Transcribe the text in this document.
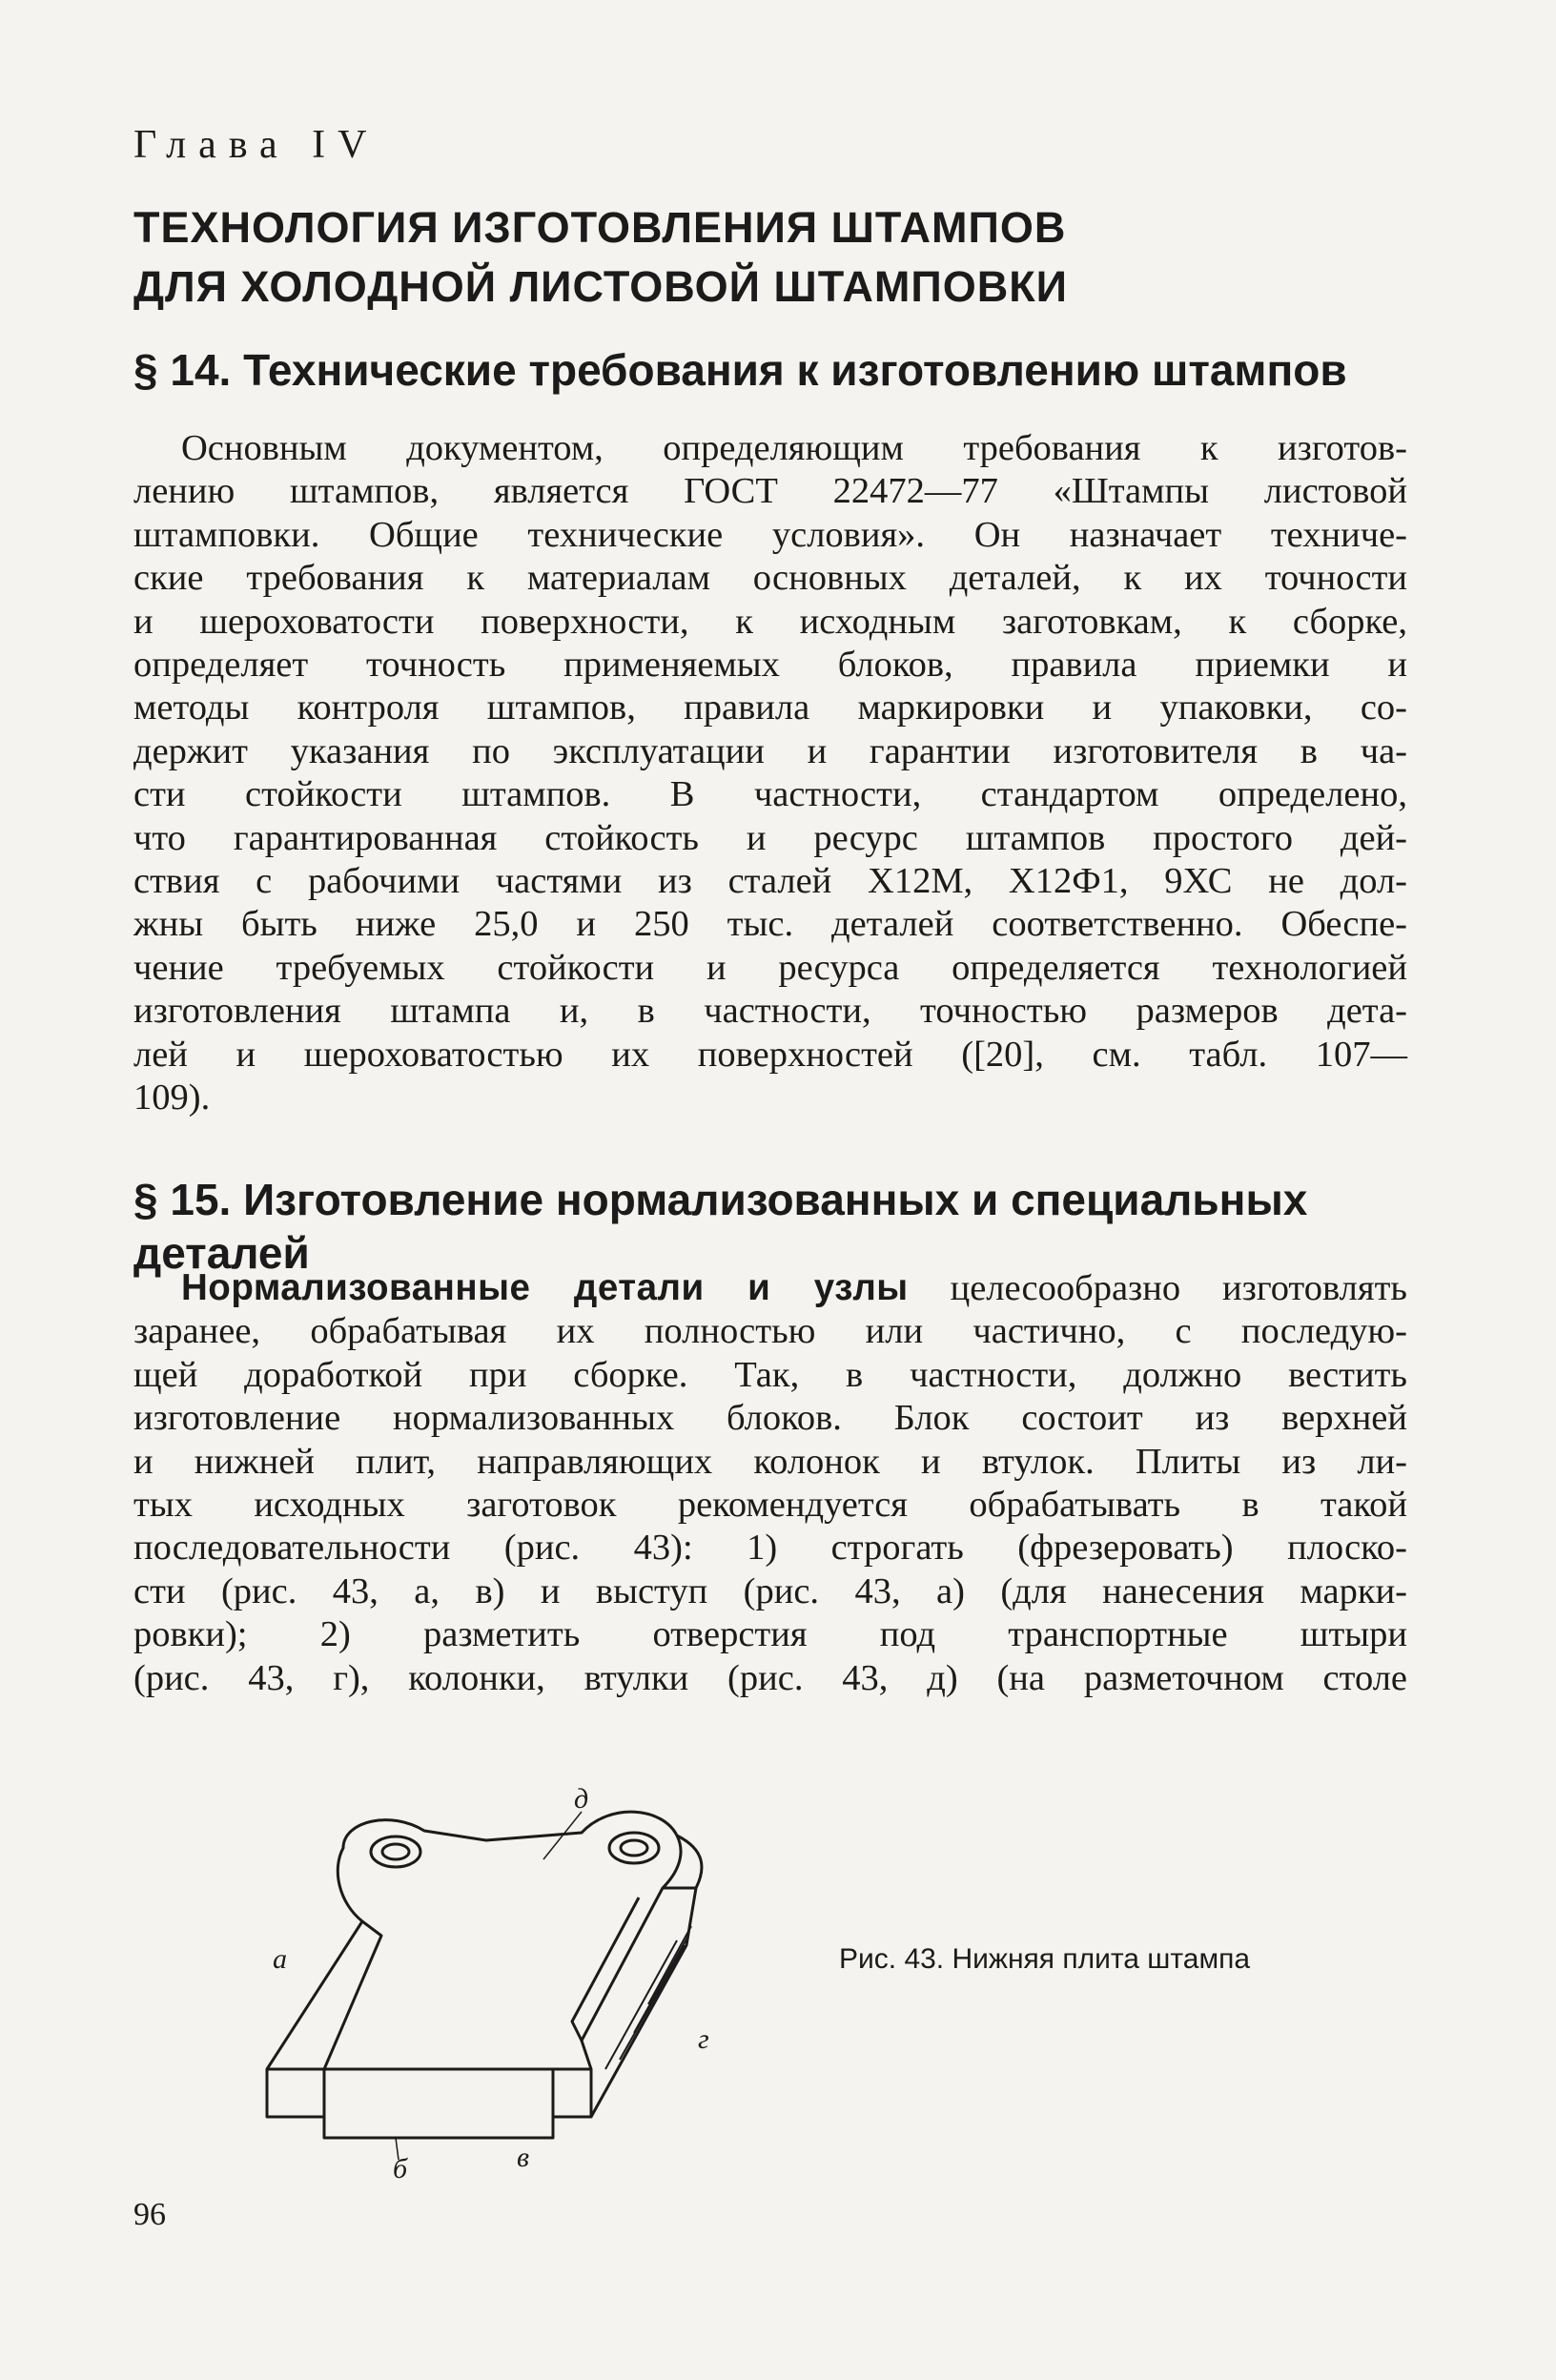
Глава IV
ТЕХНОЛОГИЯ ИЗГОТОВЛЕНИЯ ШТАМПОВ
ДЛЯ ХОЛОДНОЙ ЛИСТОВОЙ ШТАМПОВКИ
§ 14. Технические требования к изготовлению штампов
Основным документом, определяющим требования к изготов-
лению штампов, является ГОСТ 22472—77 «Штампы листовой
штамповки. Общие технические условия». Он назначает техниче-
ские требования к материалам основных деталей, к их точности
и шероховатости поверхности, к исходным заготовкам, к сборке,
определяет точность применяемых блоков, правила приемки и
методы контроля штампов, правила маркировки и упаковки, со-
держит указания по эксплуатации и гарантии изготовителя в ча-
сти стойкости штампов. В частности, стандартом определено,
что гарантированная стойкость и ресурс штампов простого дей-
ствия с рабочими частями из сталей Х12М, Х12Ф1, 9ХС не дол-
жны быть ниже 25,0 и 250 тыс. деталей соответственно. Обеспе-
чение требуемых стойкости и ресурса определяется технологией
изготовления штампа и, в частности, точностью размеров дета-
лей и шероховатостью их поверхностей ([20], см. табл. 107—
109).
§ 15. Изготовление нормализованных и специальных
деталей
Нормализованные детали и узлы целесообразно изготовлять
заранее, обрабатывая их полностью или частично, с последую-
щей доработкой при сборке. Так, в частности, должно вестить
изготовление нормализованных блоков. Блок состоит из верхней
и нижней плит, направляющих колонок и втулок. Плиты из ли-
тых исходных заготовок рекомендуется обрабатывать в такой
последовательности (рис. 43): 1) строгать (фрезеровать) плоско-
сти (рис. 43, а, в) и выступ (рис. 43, а) (для нанесения марки-
ровки); 2) разметить отверстия под транспортные штыри
(рис. 43, г), колонки, втулки (рис. 43, д) (на разметочном столе
д
а
г
б	в
Рис. 43. Нижняя плита штампа
96
